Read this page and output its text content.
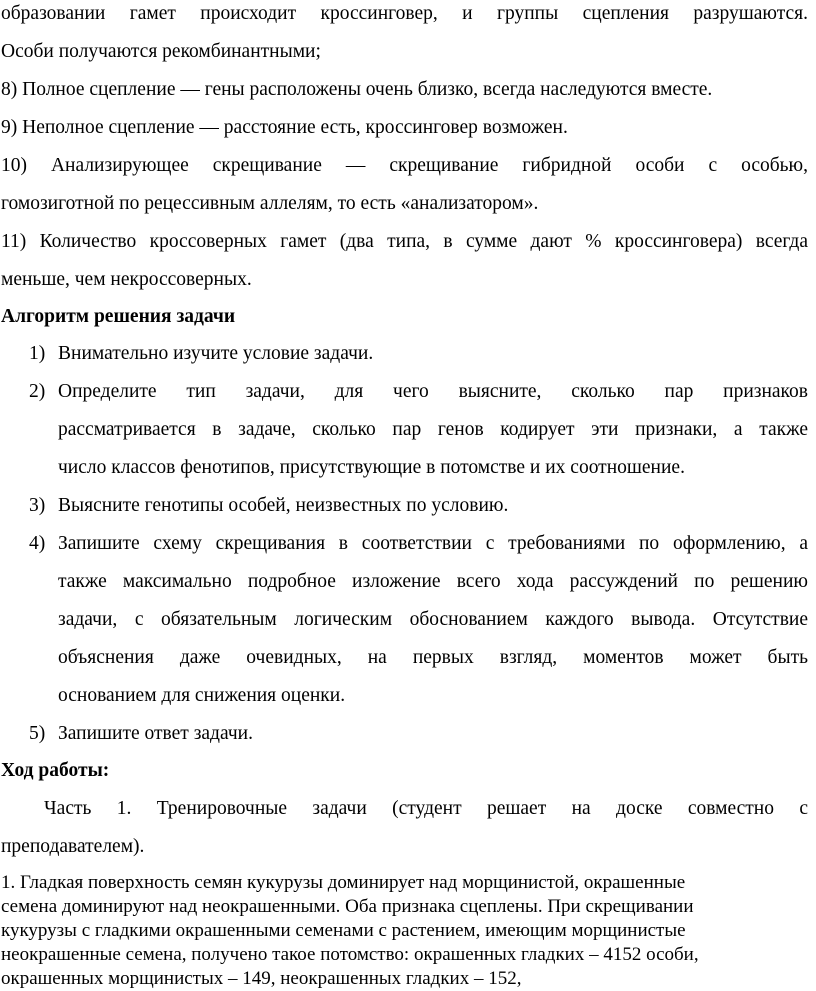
образовании гамет происходит кроссинговер, и группы сцепления разрушаются.
Особи получаются рекомбинантными;
8) Полное сцепление — гены расположены очень близко, всегда наследуются вместе.
9) Неполное сцепление — расстояние есть, кроссинговер возможен.
10) Анализирующее скрещивание — скрещивание гибридной особи с особью,
гомозиготной по рецессивным аллелям, то есть «анализатором».
11) Количество кроссоверных гамет (два типа, в сумме дают % кроссинговера) всегда
меньше, чем некроссоверных.
Алгоритм решения задачи
1) Внимательно изучите условие задачи.
2) Определите тип задачи, для чего выясните, сколько пар признаков
рассматривается в задаче, сколько пар генов кодирует эти признаки, а также
число классов фенотипов, присутствующие в потомстве и их соотношение.
3) Выясните генотипы особей, неизвестных по условию.
4) Запишите схему скрещивания в соответствии с требованиями по оформлению, а
также максимально подробное изложение всего хода рассуждений по решению
задачи, с обязательным логическим обоснованием каждого вывода. Отсутствие
объяснения даже очевидных, на первых взгляд, моментов может быть
основанием для снижения оценки.
5) Запишите ответ задачи.
Ход работы:
Часть 1. Тренировочные задачи (студент решает на доске совместно с
преподавателем).
1. Гладкая поверхность семян кукурузы доминирует над морщинистой, окрашенные
семена доминируют над неокрашенными. Оба признака сцеплены. При скрещивании
кукурузы с гладкими окрашенными семенами с растением, имеющим морщинистые
неокрашенные семена, получено такое потомство: окрашенных гладких – 4152 особи,
окрашенных морщинистых – 149, неокрашенных гладких – 152,
